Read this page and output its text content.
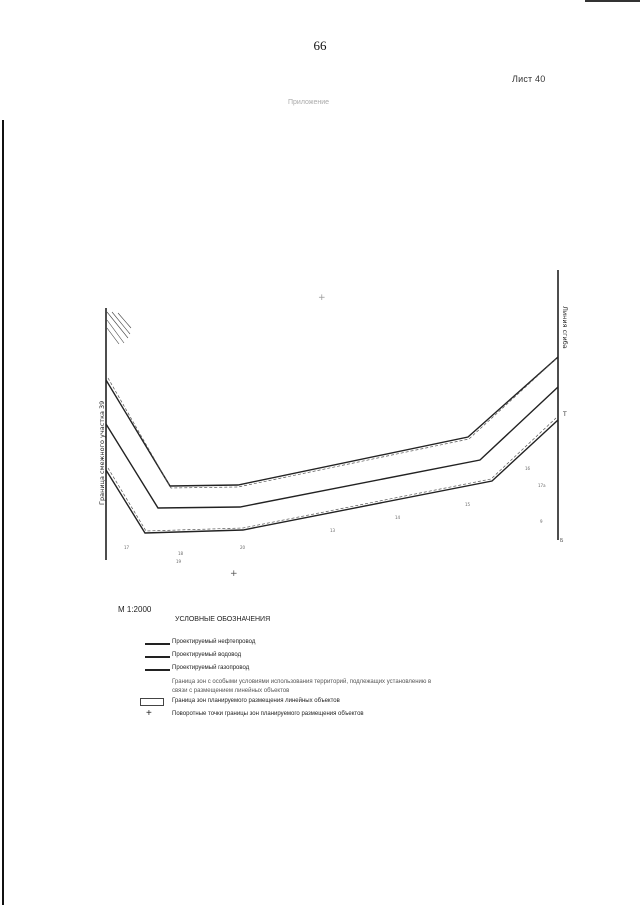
66
Лист 40
Приложение
17
18
19
20
13
14
15
16
17a
9
+
+
Граница смежного участка 39
Линия сгиба
T
Б
М 1:2000
УСЛОВНЫЕ ОБОЗНАЧЕНИЯ
Проектируемый нефтепровод
Проектируемый водовод
Проектируемый газопровод
Граница зон с особыми условиями использования территорий, подлежащих установлению в связи с размещением линейных объектов
Граница зон планируемого размещения линейных объектов
+	Поворотные точки границы зон планируемого размещения объектов
